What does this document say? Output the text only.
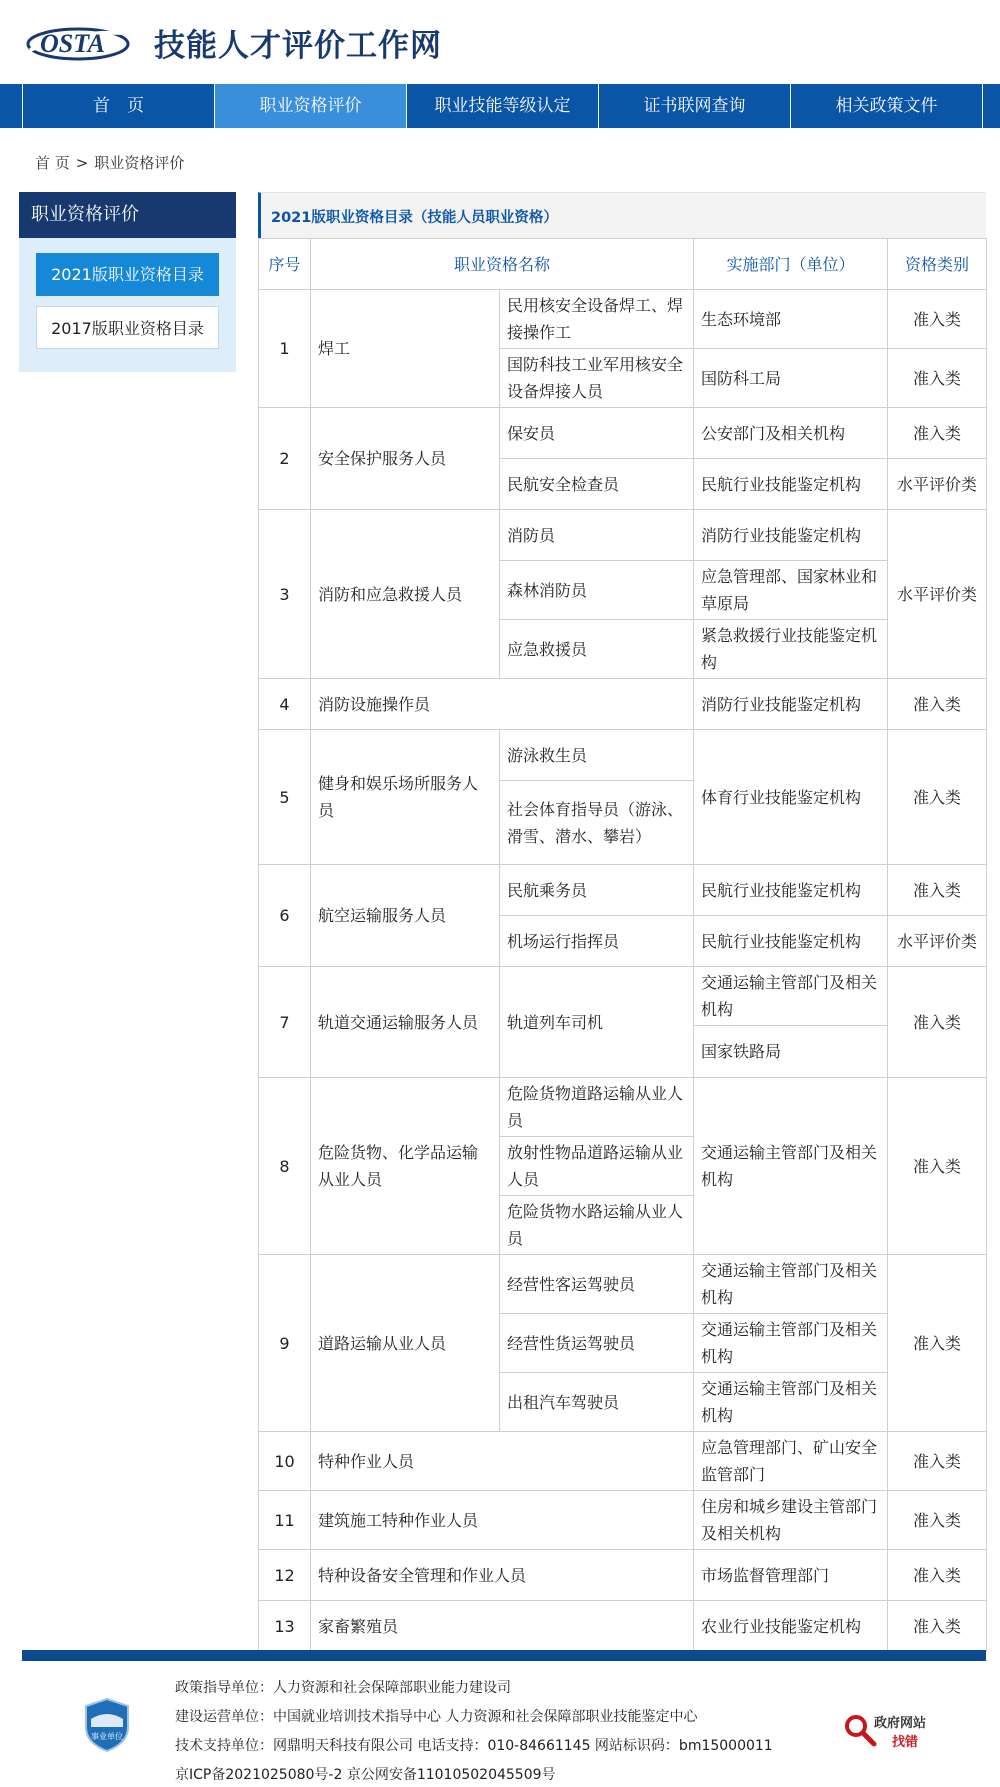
OSTA 技能人才评价工作网
首　页	职业资格评价	职业技能等级认定	证书联网查询	相关政策文件
首 页 > 职业资格评价
职业资格评价
2021版职业资格目录
2017版职业资格目录
2021版职业资格目录（技能人员职业资格）
序号	职业资格名称		实施部门（单位）	资格类别
1	焊工	民用核安全设备焊工、焊接操作工	生态环境部	准入类
		国防科技工业军用核安全设备焊接人员	国防科工局	准入类
2	安全保护服务人员	保安员	公安部门及相关机构	准入类
		民航安全检查员	民航行业技能鉴定机构	水平评价类
3	消防和应急救援人员	消防员	消防行业技能鉴定机构	水平评价类
		森林消防员	应急管理部、国家林业和草原局	
		应急救援员	紧急救援行业技能鉴定机构	
4	消防设施操作员		消防行业技能鉴定机构	准入类
5	健身和娱乐场所服务人员	游泳救生员	体育行业技能鉴定机构	准入类
		社会体育指导员（游泳、滑雪、潜水、攀岩）		
6	航空运输服务人员	民航乘务员	民航行业技能鉴定机构	准入类
		机场运行指挥员	民航行业技能鉴定机构	水平评价类
7	轨道交通运输服务人员	轨道列车司机	交通运输主管部门及相关机构	准入类
			国家铁路局	
8	危险货物、化学品运输从业人员	危险货物道路运输从业人员	交通运输主管部门及相关机构	准入类
		放射性物品道路运输从业人员		
		危险货物水路运输从业人员		
9	道路运输从业人员	经营性客运驾驶员	交通运输主管部门及相关机构	准入类
		经营性货运驾驶员	交通运输主管部门及相关机构	
		出租汽车驾驶员	交通运输主管部门及相关机构	
10	特种作业人员		应急管理部门、矿山安全监管部门	准入类
11	建筑施工特种作业人员		住房和城乡建设主管部门及相关机构	准入类
12	特种设备安全管理和作业人员		市场监督管理部门	准入类
13	家畜繁殖员		农业行业技能鉴定机构	准入类
事业单位
政策指导单位：人力资源和社会保障部职业能力建设司
建设运营单位：中国就业培训技术指导中心 人力资源和社会保障部职业技能鉴定中心
技术支持单位：网鼎明天科技有限公司 电话支持：010-84661145 网站标识码：bm15000011
京ICP备2021025080号-2 京公网安备11010502045509号
政府网站
找错
